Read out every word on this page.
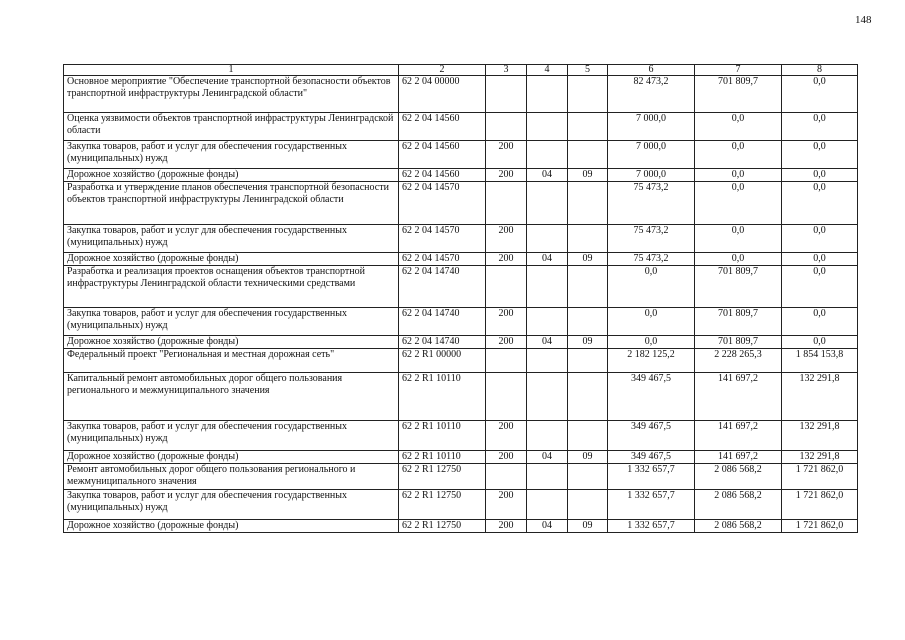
148
1	2	3	4	5	6	7	8
Основное мероприятие "Обеспечение транспортной безопасности объектов транспортной инфраструктуры Ленинградской области"	62 2 04 00000				82 473,2	701 809,7	0,0
Оценка уязвимости объектов транспортной инфраструктуры Ленинградской области	62 2 04 14560				7 000,0	0,0	0,0
Закупка товаров, работ и услуг для обеспечения государственных (муниципальных) нужд	62 2 04 14560	200			7 000,0	0,0	0,0
Дорожное хозяйство (дорожные фонды)	62 2 04 14560	200	04	09	7 000,0	0,0	0,0
Разработка и утверждение планов обеспечения транспортной безопасности объектов транспортной инфраструктуры Ленинградской области	62 2 04 14570				75 473,2	0,0	0,0
Закупка товаров, работ и услуг для обеспечения государственных (муниципальных) нужд	62 2 04 14570	200			75 473,2	0,0	0,0
Дорожное хозяйство (дорожные фонды)	62 2 04 14570	200	04	09	75 473,2	0,0	0,0
Разработка и реализация проектов оснащения объектов транспортной инфраструктуры Ленинградской области техническими средствами	62 2 04 14740				0,0	701 809,7	0,0
Закупка товаров, работ и услуг для обеспечения государственных (муниципальных) нужд	62 2 04 14740	200			0,0	701 809,7	0,0
Дорожное хозяйство (дорожные фонды)	62 2 04 14740	200	04	09	0,0	701 809,7	0,0
Федеральный проект "Региональная и местная дорожная сеть"	62 2 R1 00000				2 182 125,2	2 228 265,3	1 854 153,8
Капитальный ремонт автомобильных дорог общего пользования регионального и межмуниципального значения	62 2 R1 10110				349 467,5	141 697,2	132 291,8
Закупка товаров, работ и услуг для обеспечения государственных (муниципальных) нужд	62 2 R1 10110	200			349 467,5	141 697,2	132 291,8
Дорожное хозяйство (дорожные фонды)	62 2 R1 10110	200	04	09	349 467,5	141 697,2	132 291,8
Ремонт автомобильных дорог общего пользования регионального и межмуниципального значения	62 2 R1 12750				1 332 657,7	2 086 568,2	1 721 862,0
Закупка товаров, работ и услуг для обеспечения государственных (муниципальных) нужд	62 2 R1 12750	200			1 332 657,7	2 086 568,2	1 721 862,0
Дорожное хозяйство (дорожные фонды)	62 2 R1 12750	200	04	09	1 332 657,7	2 086 568,2	1 721 862,0
